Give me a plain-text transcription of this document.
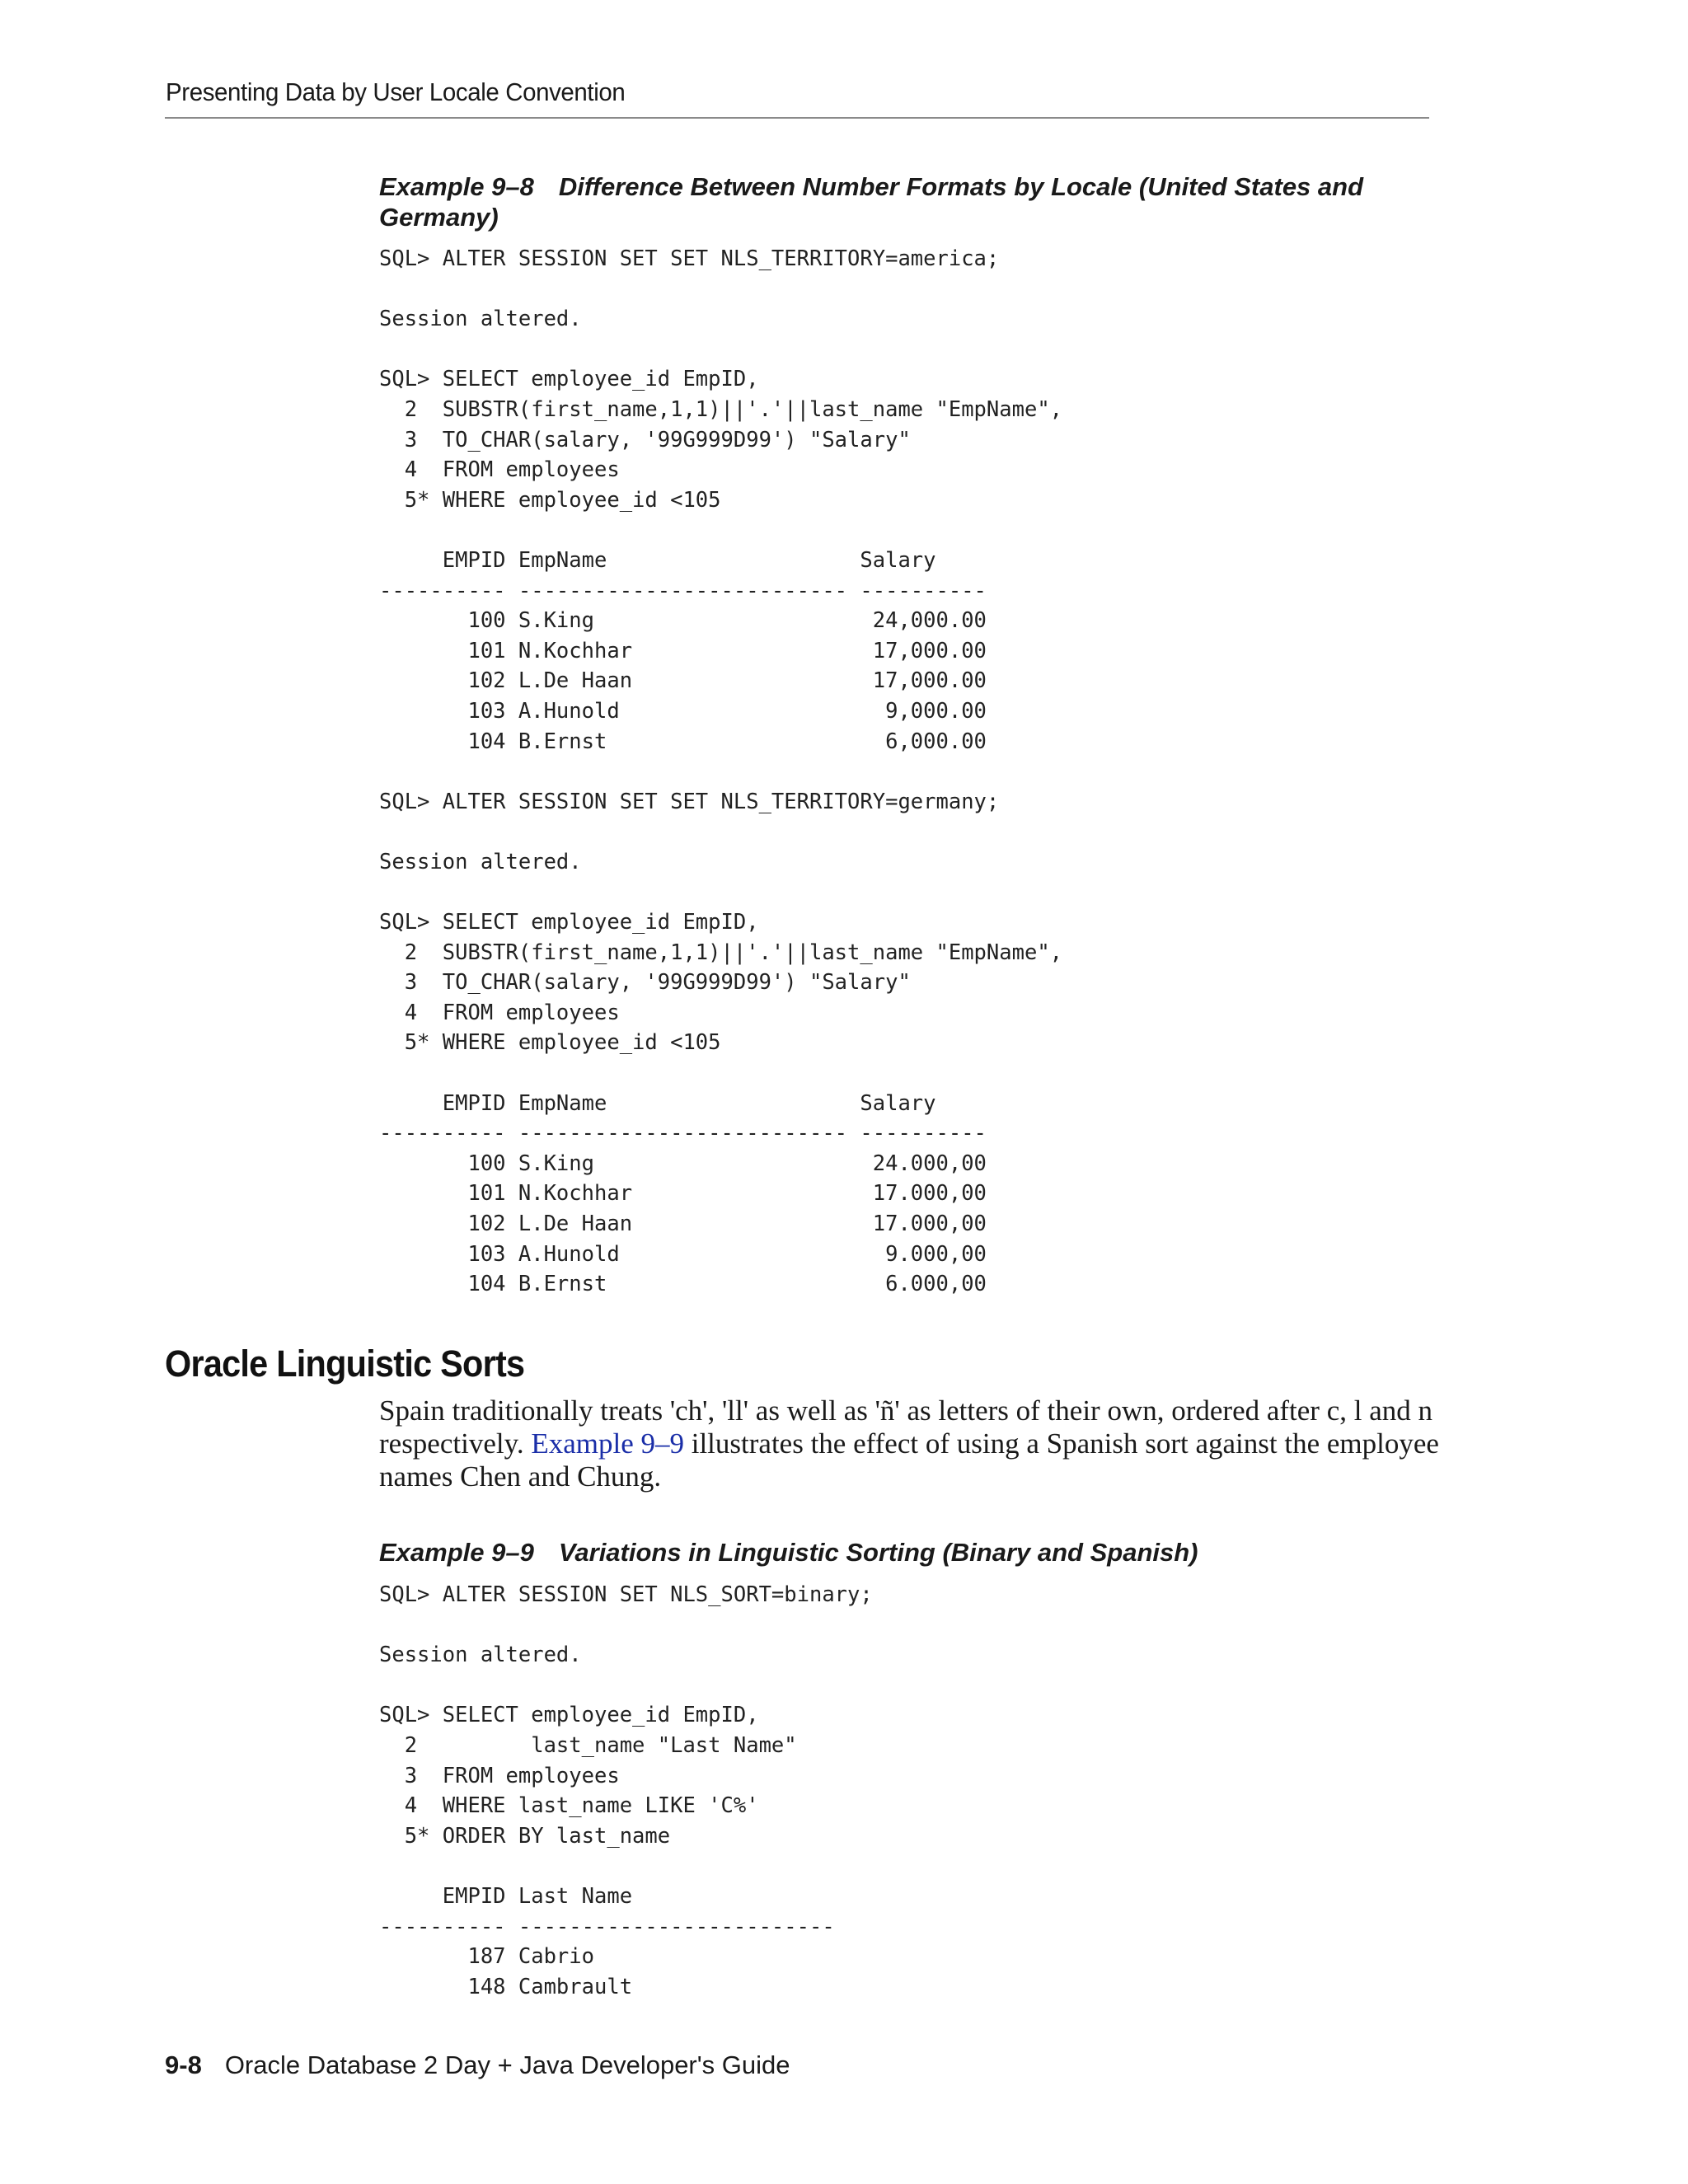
Presenting Data by User Locale Convention
Example 9–8 Difference Between Number Formats by Locale (United States and Germany)
SQL> ALTER SESSION SET SET NLS_TERRITORY=america;

Session altered.

SQL> SELECT employee_id EmpID,
2  SUBSTR(first_name,1,1)||'.'||last_name "EmpName",
3  TO_CHAR(salary, '99G999D99') "Salary"
4  FROM employees
5* WHERE employee_id <105

EMPID EmpName                    Salary
---------- -------------------------- ----------
100 S.King                      24,000.00
101 N.Kochhar                   17,000.00
102 L.De Haan                   17,000.00
103 A.Hunold                     9,000.00
104 B.Ernst                      6,000.00

SQL> ALTER SESSION SET SET NLS_TERRITORY=germany;

Session altered.

SQL> SELECT employee_id EmpID,
2  SUBSTR(first_name,1,1)||'.'||last_name "EmpName",
3  TO_CHAR(salary, '99G999D99') "Salary"
4  FROM employees
5* WHERE employee_id <105

EMPID EmpName                    Salary
---------- -------------------------- ----------
100 S.King                      24.000,00
101 N.Kochhar                   17.000,00
102 L.De Haan                   17.000,00
103 A.Hunold                     9.000,00
104 B.Ernst                      6.000,00
Oracle Linguistic Sorts

Spain traditionally treats 'ch', 'll' as well as 'ñ' as letters of their own, ordered after c, l and n respectively. Example 9–9 illustrates the effect of using a Spanish sort against the employee names Chen and Chung.

Example 9–9 Variations in Linguistic Sorting (Binary and Spanish)
SQL> ALTER SESSION SET NLS_SORT=binary;

Session altered.

SQL> SELECT employee_id EmpID,
2         last_name "Last Name"
3  FROM employees
4  WHERE last_name LIKE 'C%'
5* ORDER BY last_name

EMPID Last Name
---------- -------------------------
187 Cabrio
148 Cambrault
9-8 Oracle Database 2 Day + Java Developer's Guide
